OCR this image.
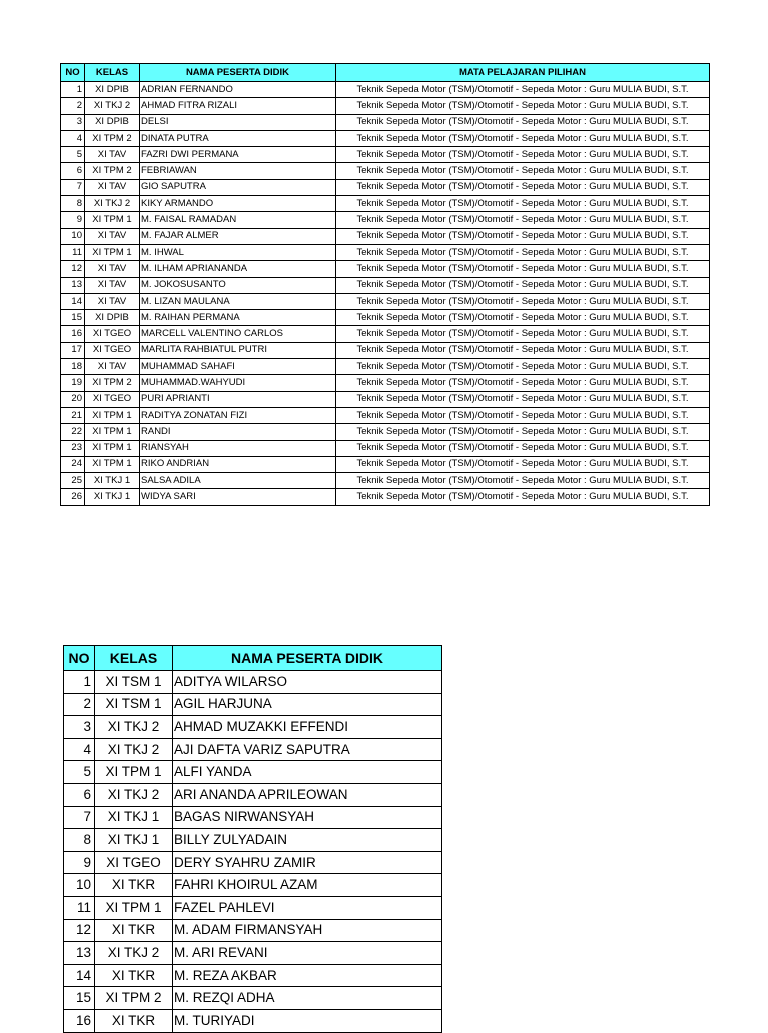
NO	KELAS	NAMA PESERTA DIDIK	MATA PELAJARAN PILIHAN
1	XI DPIB	ADRIAN FERNANDO	Teknik Sepeda Motor (TSM)/Otomotif - Sepeda Motor : Guru MULIA BUDI, S.T.
2	XI TKJ 2	AHMAD FITRA RIZALI	Teknik Sepeda Motor (TSM)/Otomotif - Sepeda Motor : Guru MULIA BUDI, S.T.
3	XI DPIB	DELSI	Teknik Sepeda Motor (TSM)/Otomotif - Sepeda Motor : Guru MULIA BUDI, S.T.
4	XI TPM 2	DINATA PUTRA	Teknik Sepeda Motor (TSM)/Otomotif - Sepeda Motor : Guru MULIA BUDI, S.T.
5	XI TAV	FAZRI DWI PERMANA	Teknik Sepeda Motor (TSM)/Otomotif - Sepeda Motor : Guru MULIA BUDI, S.T.
6	XI TPM 2	FEBRIAWAN	Teknik Sepeda Motor (TSM)/Otomotif - Sepeda Motor : Guru MULIA BUDI, S.T.
7	XI TAV	GIO SAPUTRA	Teknik Sepeda Motor (TSM)/Otomotif - Sepeda Motor : Guru MULIA BUDI, S.T.
8	XI TKJ 2	KIKY ARMANDO	Teknik Sepeda Motor (TSM)/Otomotif - Sepeda Motor : Guru MULIA BUDI, S.T.
9	XI TPM 1	M. FAISAL RAMADAN	Teknik Sepeda Motor (TSM)/Otomotif - Sepeda Motor : Guru MULIA BUDI, S.T.
10	XI TAV	M. FAJAR ALMER	Teknik Sepeda Motor (TSM)/Otomotif - Sepeda Motor : Guru MULIA BUDI, S.T.
11	XI TPM 1	M. IHWAL	Teknik Sepeda Motor (TSM)/Otomotif - Sepeda Motor : Guru MULIA BUDI, S.T.
12	XI TAV	M. ILHAM APRIANANDA	Teknik Sepeda Motor (TSM)/Otomotif - Sepeda Motor : Guru MULIA BUDI, S.T.
13	XI TAV	M. JOKOSUSANTO	Teknik Sepeda Motor (TSM)/Otomotif - Sepeda Motor : Guru MULIA BUDI, S.T.
14	XI TAV	M. LIZAN MAULANA	Teknik Sepeda Motor (TSM)/Otomotif - Sepeda Motor : Guru MULIA BUDI, S.T.
15	XI DPIB	M. RAIHAN PERMANA	Teknik Sepeda Motor (TSM)/Otomotif - Sepeda Motor : Guru MULIA BUDI, S.T.
16	XI TGEO	MARCELL VALENTINO CARLOS	Teknik Sepeda Motor (TSM)/Otomotif - Sepeda Motor : Guru MULIA BUDI, S.T.
17	XI TGEO	MARLITA RAHBIATUL PUTRI	Teknik Sepeda Motor (TSM)/Otomotif - Sepeda Motor : Guru MULIA BUDI, S.T.
18	XI TAV	MUHAMMAD SAHAFI	Teknik Sepeda Motor (TSM)/Otomotif - Sepeda Motor : Guru MULIA BUDI, S.T.
19	XI TPM 2	MUHAMMAD.WAHYUDI	Teknik Sepeda Motor (TSM)/Otomotif - Sepeda Motor : Guru MULIA BUDI, S.T.
20	XI TGEO	PURI APRIANTI	Teknik Sepeda Motor (TSM)/Otomotif - Sepeda Motor : Guru MULIA BUDI, S.T.
21	XI TPM 1	RADITYA ZONATAN FIZI	Teknik Sepeda Motor (TSM)/Otomotif - Sepeda Motor : Guru MULIA BUDI, S.T.
22	XI TPM 1	RANDI	Teknik Sepeda Motor (TSM)/Otomotif - Sepeda Motor : Guru MULIA BUDI, S.T.
23	XI TPM 1	RIANSYAH	Teknik Sepeda Motor (TSM)/Otomotif - Sepeda Motor : Guru MULIA BUDI, S.T.
24	XI TPM 1	RIKO ANDRIAN	Teknik Sepeda Motor (TSM)/Otomotif - Sepeda Motor : Guru MULIA BUDI, S.T.
25	XI TKJ 1	SALSA ADILA	Teknik Sepeda Motor (TSM)/Otomotif - Sepeda Motor : Guru MULIA BUDI, S.T.
26	XI TKJ 1	WIDYA SARI	Teknik Sepeda Motor (TSM)/Otomotif - Sepeda Motor : Guru MULIA BUDI, S.T.
NO	KELAS	NAMA PESERTA DIDIK
1	XI TSM 1	ADITYA WILARSO
2	XI TSM 1	AGIL HARJUNA
3	XI TKJ 2	AHMAD MUZAKKI EFFENDI
4	XI TKJ 2	AJI DAFTA VARIZ SAPUTRA
5	XI TPM 1	ALFI YANDA
6	XI TKJ 2	ARI ANANDA APRILEOWAN
7	XI TKJ 1	BAGAS NIRWANSYAH
8	XI TKJ 1	BILLY ZULYADAIN
9	XI TGEO	DERY SYAHRU ZAMIR
10	XI TKR	FAHRI KHOIRUL AZAM
11	XI TPM 1	FAZEL PAHLEVI
12	XI TKR	M. ADAM FIRMANSYAH
13	XI TKJ 2	M. ARI REVANI
14	XI TKR	M. REZA AKBAR
15	XI TPM 2	M. REZQI ADHA
16	XI TKR	M. TURIYADI
